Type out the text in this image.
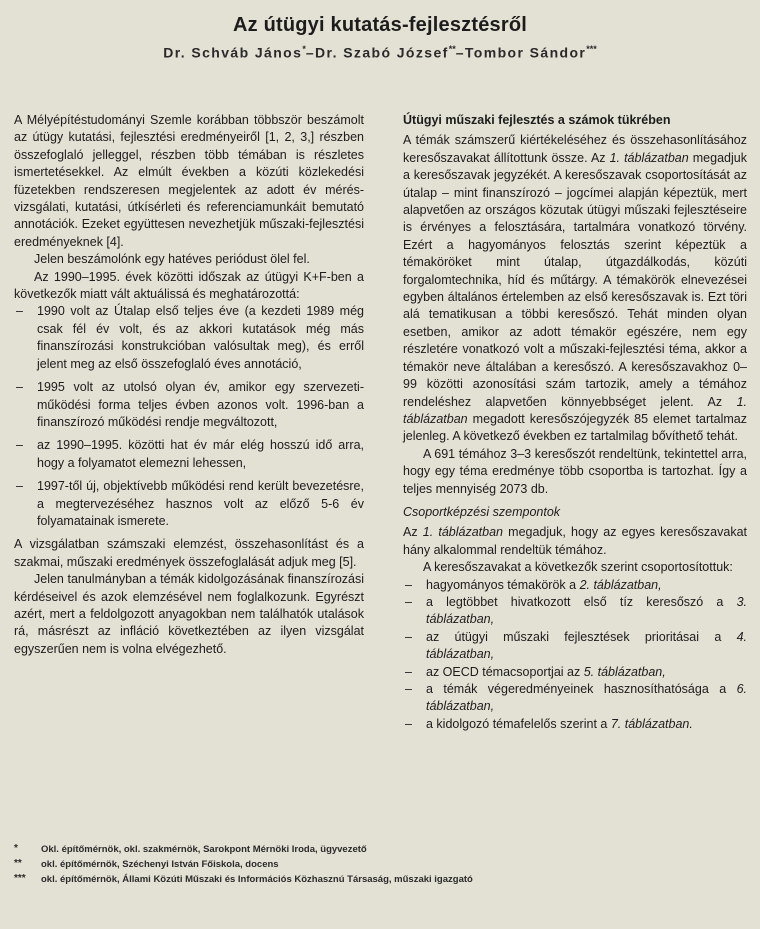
Az útügyi kutatás-fejlesztésről
Dr. Schváb János*–Dr. Szabó József**–Tombor Sándor***

A Mélyépítéstudományi Szemle korábban többször beszámolt az útügy kutatási, fejlesztési eredményeiről [1, 2, 3,] részben összefoglaló jelleggel, részben több témában is részletes ismertetésekkel. Az elmúlt években a közúti közlekedési füzetekben rendszeresen megjelentek az adott év mérés-vizsgálati, kutatási, útkísérleti és referenciamunkáit bemutató annotációk. Ezeket együttesen nevezhetjük műszaki-fejlesztési eredményeknek [4].

Jelen beszámolónk egy hatéves periódust ölel fel.

Az 1990–1995. évek közötti időszak az útügyi K+F-ben a következők miatt vált aktuálissá és meghatározottá:

– 1990 volt az Útalap első teljes éve (a kezdeti 1989 még csak fél év volt, és az akkori kutatások még más finanszírozási konstrukcióban valósultak meg), és erről jelent meg az első összefoglaló éves annotáció,
– 1995 volt az utolsó olyan év, amikor egy szervezeti-működési forma teljes évben azonos volt. 1996-ban a finanszírozó működési rendje megváltozott,
– az 1990–1995. közötti hat év már elég hosszú idő arra, hogy a folyamatot elemezni lehessen,
– 1997-től új, objektívebb működési rend került bevezetésre, a megtervezéséhez hasznos volt az előző 5-6 év folyamatainak ismerete.

A vizsgálatban számszaki elemzést, összehasonlítást és a szakmai, műszaki eredmények összefoglalását adjuk meg [5].

Jelen tanulmányban a témák kidolgozásának finanszírozási kérdéseivel és azok elemzésével nem foglalkozunk. Egyrészt azért, mert a feldolgozott anyagokban nem találhatók utalások rá, másrészt az infláció következtében az ilyen vizsgálat egyszerűen nem is volna elvégezhető.

Útügyi műszaki fejlesztés a számok tükrében

A témák számszerű kiértékeléséhez és összehasonlításához keresőszavakat állítottunk össze. Az 1. táblázatban megadjuk a keresőszavak jegyzékét. A keresőszavak csoportosítását az útalap – mint finanszírozó – jogcímei alapján képeztük, mert alapvetően az országos közutak útügyi műszaki fejlesztéseire is érvényes a felosztására, tartalmára vonatkozó törvény. Ezért a hagyományos felosztás szerint képeztük a témaköröket mint útalap, útgazdálkodás, közúti forgalomtechnika, híd és műtárgy. A témakörök elnevezései egyben általános értelemben az első keresőszavak is. Ezt töri alá tematikusan a többi keresőszó. Tehát minden olyan esetben, amikor az adott témakör egészére, nem egy részletére vonatkozó volt a műszaki-fejlesztési téma, akkor a témakör neve általában a keresőszó. A keresőszavakhoz 0–99 közötti azonosítási szám tartozik, amely a témához rendeléshez alapvetően könnyebbséget jelent. Az 1. táblázatban megadott keresőszójegyzék 85 elemet tartalmaz jelenleg. A következő években ez tartalmilag bővíthető tehát.

A 691 témához 3–3 keresőszót rendeltünk, tekintettel arra, hogy egy téma eredménye több csoportba is tartozhat. Így a teljes mennyiség 2073 db.

Csoportképzési szempontok

Az 1. táblázatban megadjuk, hogy az egyes keresőszavakat hány alkalommal rendeltük témához.

A keresőszavakat a következők szerint csoportosítottuk:

– hagyományos témakörök a 2. táblázatban,
– a legtöbbet hivatkozott első tíz keresőszó a 3. táblázatban,
– az útügyi műszaki fejlesztések prioritásai a 4. táblázatban,
– az OECD témacsoportjai az 5. táblázatban,
– a témák végeredményeinek hasznosíthatósága a 6. táblázatban,
– a kidolgozó témafelelős szerint a 7. táblázatban.
* Okl. építőmérnök, okl. szakmérnök, Sarokpont Mérnöki Iroda, ügyvezető
** okl. építőmérnök, Széchenyi István Főiskola, docens
*** okl. építőmérnök, Állami Közúti Műszaki és Információs Közhasznú Társaság, műszaki igazgató
